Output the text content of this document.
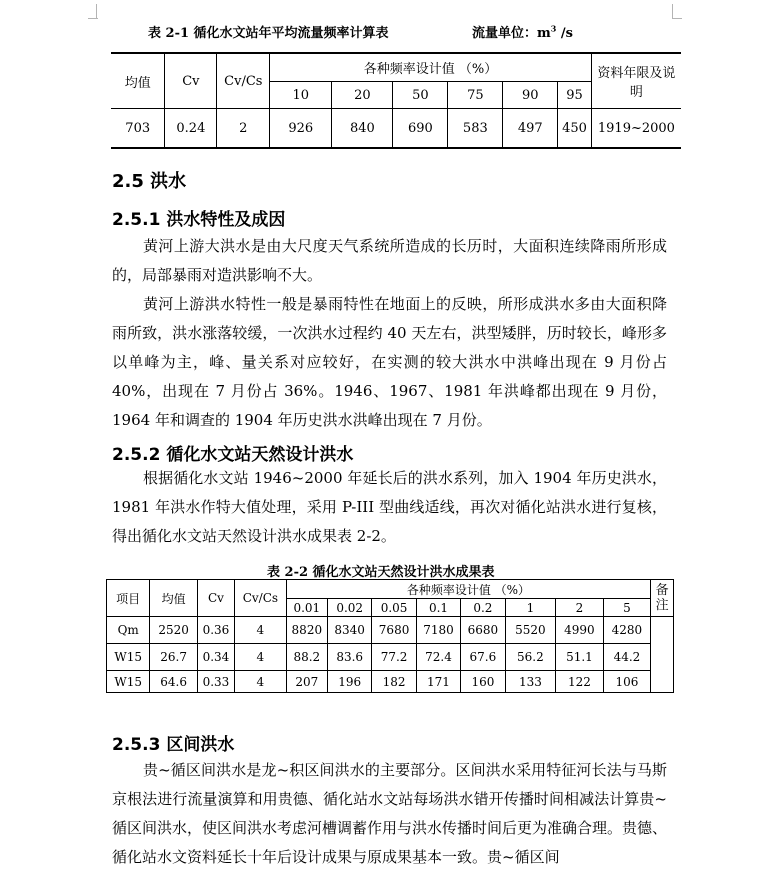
表 2-1 循化水文站年平均流量频率计算表	流量单位：$m^3$ /s
均值	Cv	Cv/Cs	各种频率设计值 （%）						资料年限及说明
			10	20	50	75	90	95	
703	0.24	2	926	840	690	583	497	450	1919~2000
2.5 洪水
2.5.1 洪水特性及成因

黄河上游大洪水是由大尺度天气系统所造成的长历时，大面积连续降雨所形成的，局部暴雨对造洪影响不大。

黄河上游洪水特性一般是暴雨特性在地面上的反映，所形成洪水多由大面积降雨所致，洪水涨落较缓，一次洪水过程约 40 天左右，洪型矮胖，历时较长，峰形多以单峰为主，峰、量关系对应较好，在实测的较大洪水中洪峰出现在 9 月份占 40%，出现在 7 月份占 36%。1946、1967、1981 年洪峰都出现在 9 月份，1964 年和调查的 1904 年历史洪水洪峰出现在 7 月份。

2.5.2 循化水文站天然设计洪水

根据循化水文站 1946~2000 年延长后的洪水系列，加入 1904 年历史洪水，1981 年洪水作特大值处理，采用 P-III 型曲线适线，再次对循化站洪水进行复核，得出循化水文站天然设计洪水成果表 2-2。

表 2-2 循化水文站天然设计洪水成果表
项目	均值	Cv	Cv/Cs	各种频率设计值 （%）								备注
				0.01	0.02	0.05	0.1	0.2	1	2	5	
Qm	2520	0.36	4	8820	8340	7680	7180	6680	5520	4990	4280	
W15	26.7	0.34	4	88.2	83.6	77.2	72.4	67.6	56.2	51.1	44.2	
W15	64.6	0.33	4	207	196	182	171	160	133	122	106	
2.5.3 区间洪水

贵~循区间洪水是龙~积区间洪水的主要部分。区间洪水采用特征河长法与马斯京根法进行流量演算和用贵德、循化站水文站每场洪水错开传播时间相减法计算贵~循区间洪水，使区间洪水考虑河槽调蓄作用与洪水传播时间后更为准确合理。贵德、循化站水文资料延长十年后设计成果与原成果基本一致。贵~循区间
